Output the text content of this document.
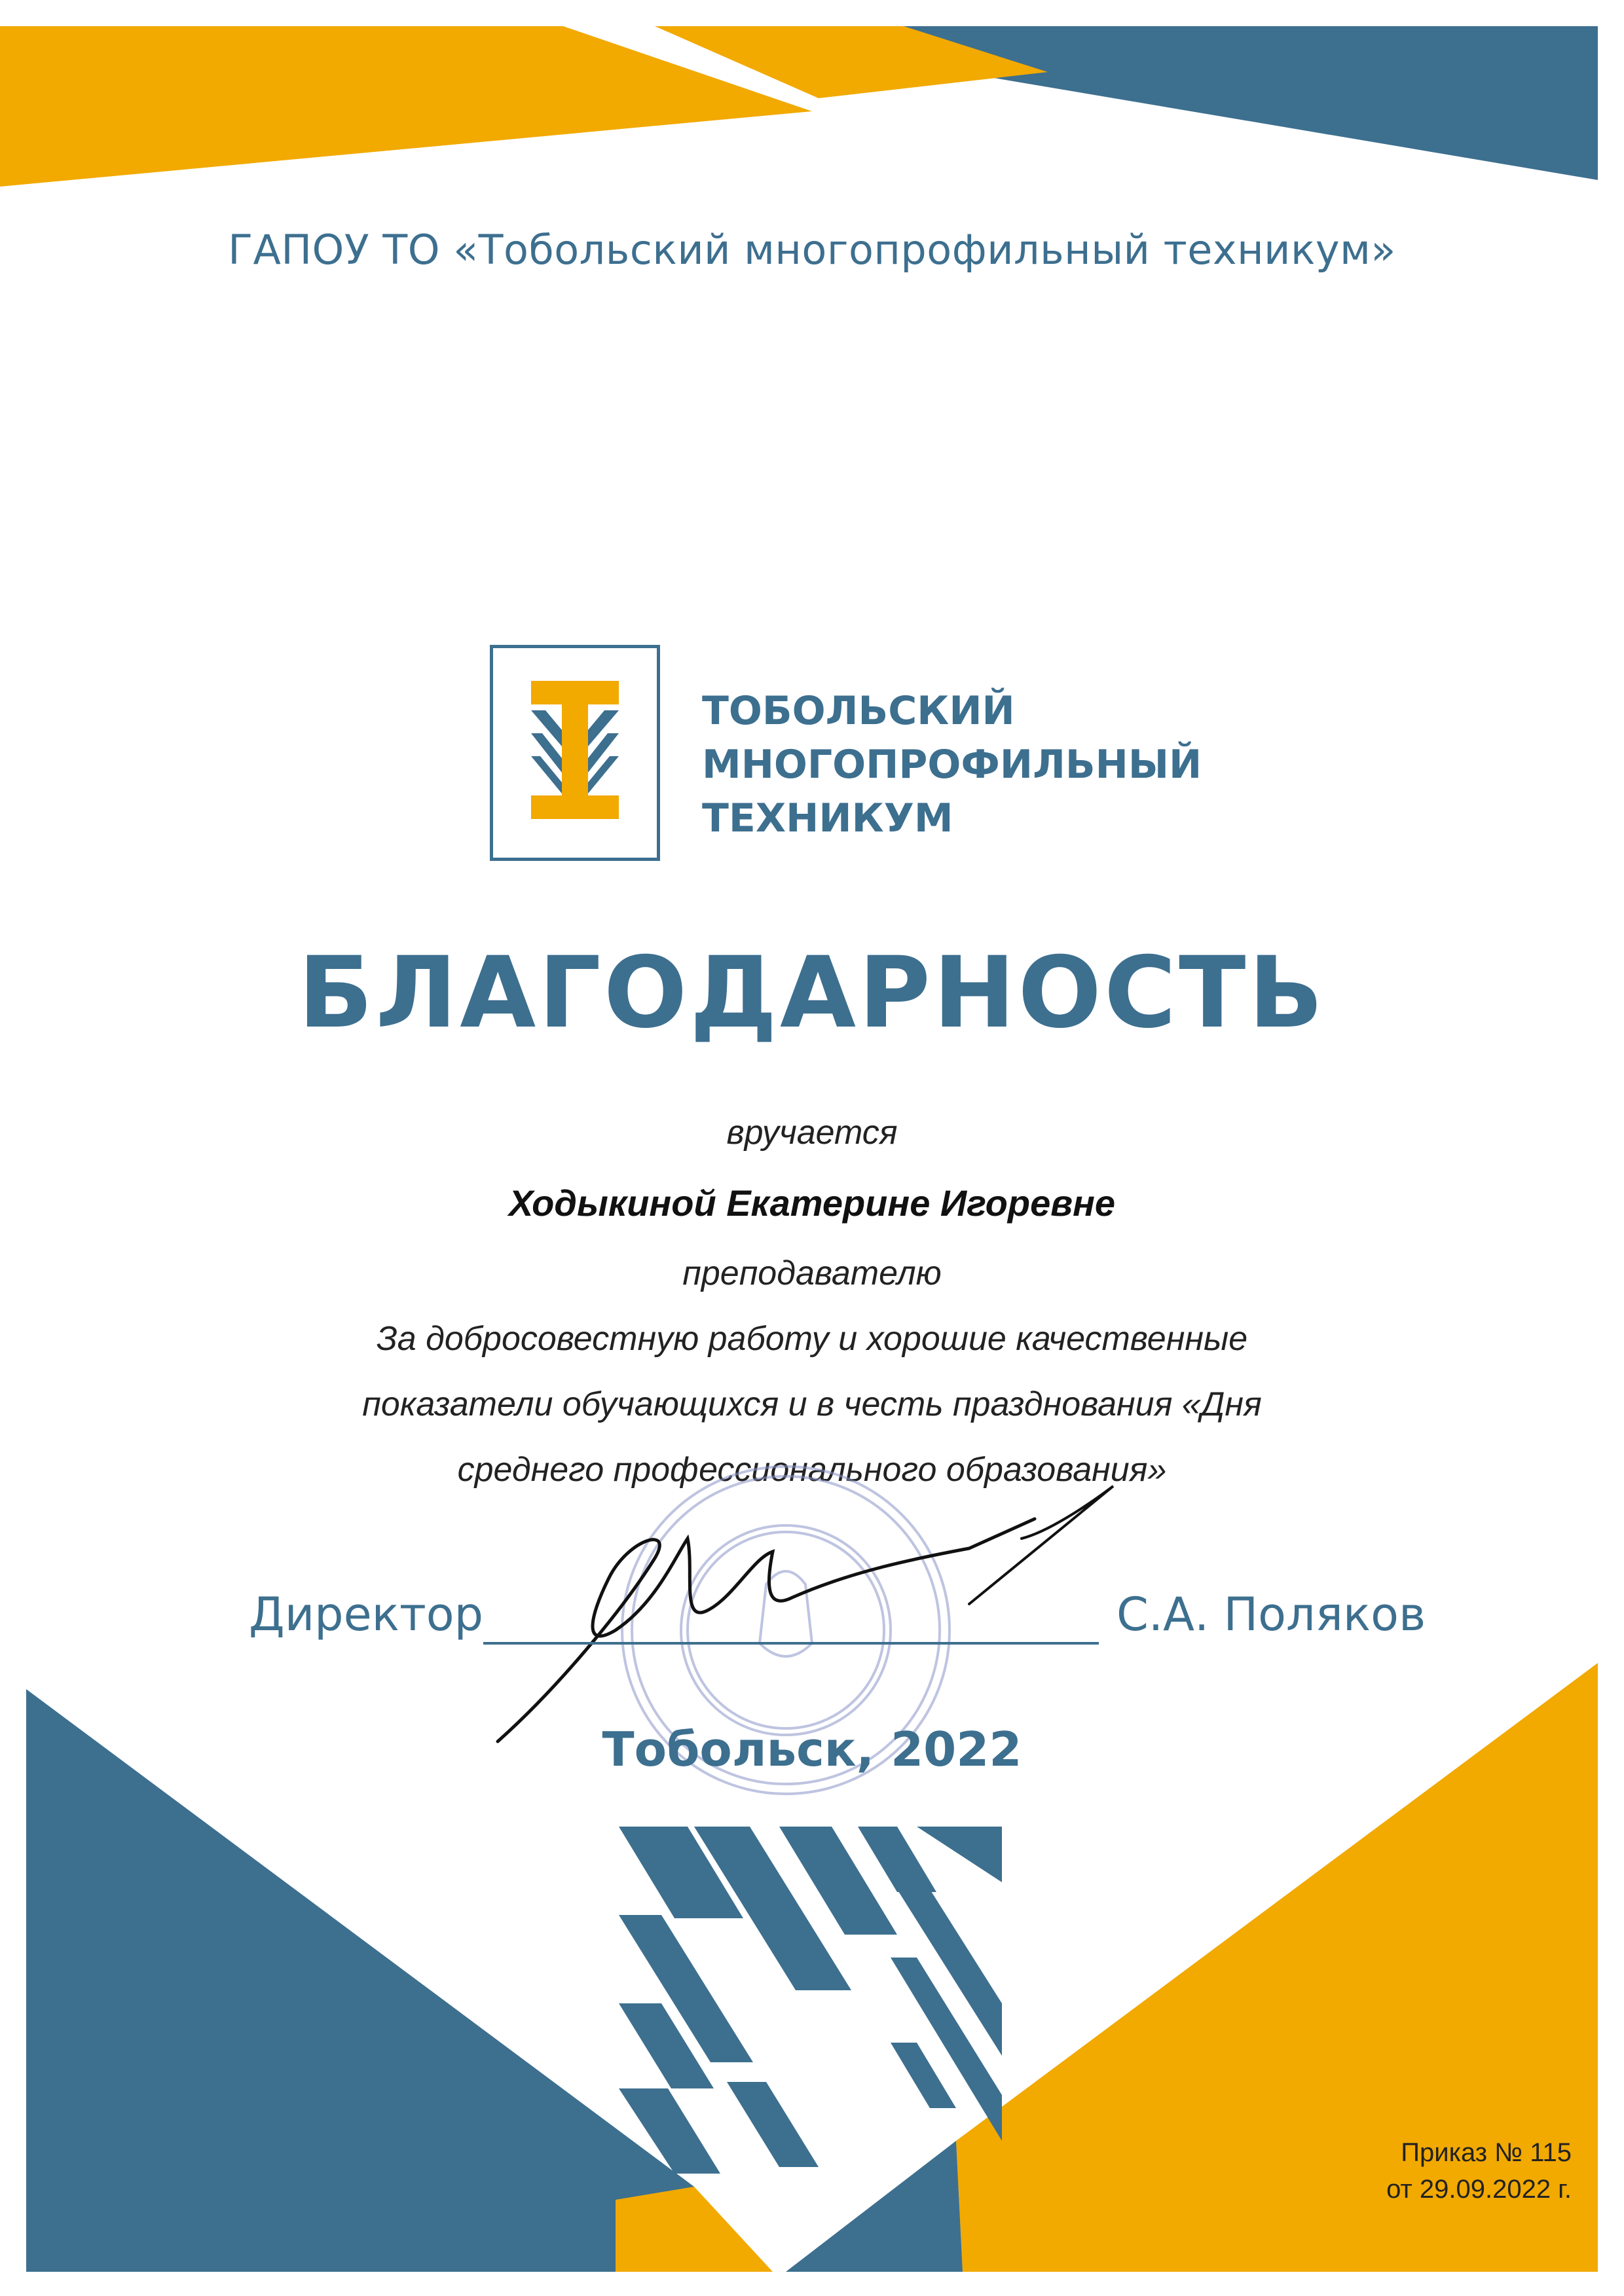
ГАПОУ ТО «Тобольский многопрофильный техникум»
ТОБОЛЬСКИЙ
МНОГОПРОФИЛЬНЫЙ
ТЕХНИКУМ
БЛАГОДАРНОСТЬ
вручается
Ходыкиной Екатерине Игоревне
преподавателю
За добросовестную работу и хорошие качественные
показатели обучающихся и в честь празднования «Дня
среднего профессионального образования»
Директор	С.А. Поляков
Тобольск, 2022
Приказ № 115
от 29.09.2022 г.
